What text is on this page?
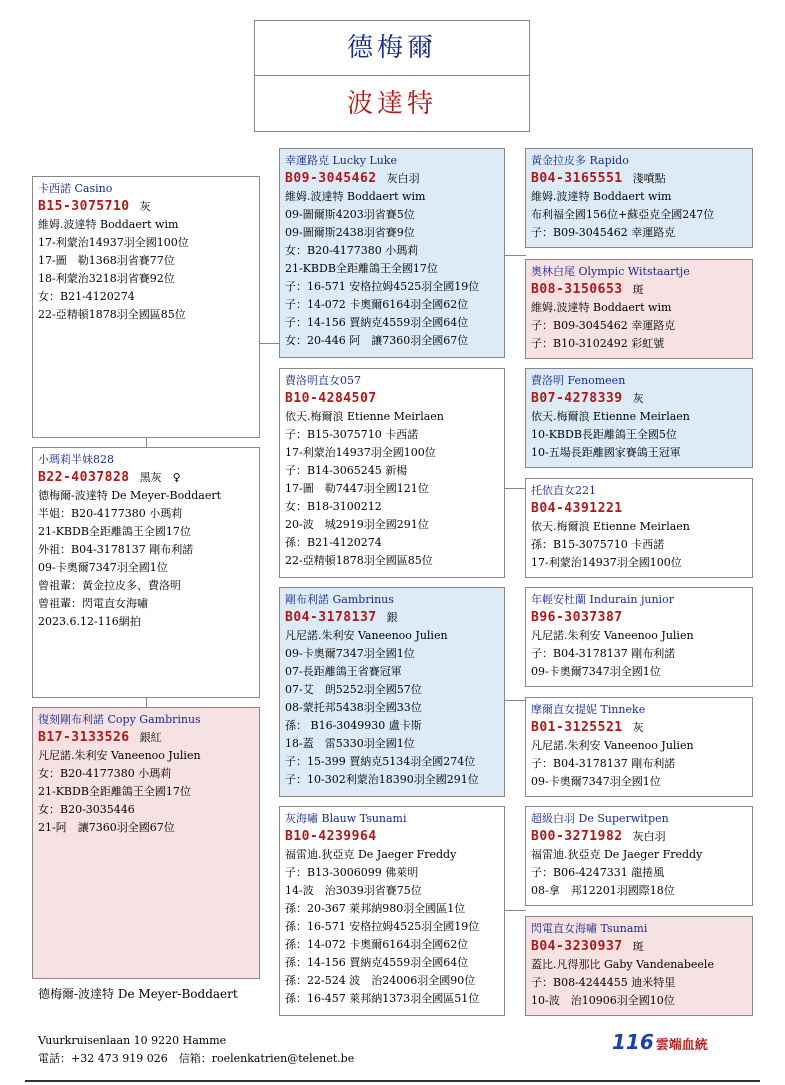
德梅爾
波達特
卡西諾 Casino
B15-3075710 灰
維姆.波達特 Boddaert wim
17-利蒙治14937羽全國100位
17-圖　勒1368羽省賽77位
18-利蒙治3218羽省賽92位
女：B21-4120274
22-亞精頓1878羽全國區85位
小瑪莉半妹828
B22-4037828 黑灰　♀
德梅爾-波達特 De Meyer-Boddaert
半姐：B20-4177380 小瑪莉
21-KBDB全距離鴿王全國17位
外祖：B04-3178137 剛布利諾
09-卡奧爾7347羽全國1位
曾祖輩：黃金拉皮多、費洛明
曾祖輩：閃電直女海嘯
2023.6.12-116網拍
復刻剛布利諾 Copy Gambrinus
B17-3133526 銀紅
凡尼諾.朱利安 Vaneenoo Julien
女：B20-4177380 小瑪莉
21-KBDB全距離鴿王全國17位
女：B20-3035446
21-阿　讓7360羽全國67位
幸運路克 Lucky Luke
B09-3045462 灰白羽
維姆.波達特 Boddaert wim
09-圖爾斯4203羽省賽5位
09-圖爾斯2438羽省賽9位
女：B20-4177380 小瑪莉
21-KBDB全距離鴿王全國17位
子：16-571 安格拉姆4525羽全國19位
子：14-072 卡奧爾6164羽全國62位
子：14-156 賈納克4559羽全國64位
女：20-446 阿　讓7360羽全國67位
費洛明直女057
B10-4284507
依天.梅爾浪 Etienne Meirlaen
子：B15-3075710 卡西諾
17-利蒙治14937羽全國100位
子：B14-3065245 新楊
17-圖　勒7447羽全國121位
女：B18-3100212
20-波　城2919羽全國291位
孫：B21-4120274
22-亞精頓1878羽全國區85位
剛布利諾 Gambrinus
B04-3178137 銀
凡尼諾.朱利安 Vaneenoo Julien
09-卡奧爾7347羽全國1位
07-長距離鴿王省賽冠軍
07-艾　朗5252羽全國57位
08-蒙托邦5438羽全國33位
孫： B16-3049930 盧卡斯
18-蓋　雷5330羽全國1位
子：15-399 賈納克5134羽全國274位
子：10-302利蒙治18390羽全國291位
灰海嘯 Blauw Tsunami
B10-4239964
福雷迪.狄亞克 De Jaeger Freddy
子：B13-3006099 佛萊明
14-波　治3039羽省賽75位
孫：20-367 萊邦納980羽全國區1位
孫：16-571 安格拉姆4525羽全國19位
孫：14-072 卡奧爾6164羽全國62位
孫：14-156 賈納克4559羽全國64位
孫：22-524 波　治24006羽全國90位
孫：16-457 萊邦納1373羽全國區51位
黃金拉皮多 Rapido
B04-3165551 淺噴點
維姆.波達特 Boddaert wim
布利福全國156位+蘇亞克全國247位
子：B09-3045462 幸運路克
奧林白尾 Olympic Witstaartje
B08-3150653 斑
維姆.波達特 Boddaert wim
子：B09-3045462 幸運路克
子：B10-3102492 彩虹號
費洛明 Fenomeen
B07-4278339 灰
依天.梅爾浪 Etienne Meirlaen
10-KBDB長距離鴿王全國5位
10-五場長距離國家賽鴿王冠軍
托依直女221
B04-4391221
依天.梅爾浪 Etienne Meirlaen
孫：B15-3075710 卡西諾
17-利蒙治14937羽全國100位
年輕安杜蘭 Indurain junior
B96-3037387
凡尼諾.朱利安 Vaneenoo Julien
子：B04-3178137 剛布利諾
09-卡奧爾7347羽全國1位
摩爾直女提妮 Tinneke
B01-3125521 灰
凡尼諾.朱利安 Vaneenoo Julien
子：B04-3178137 剛布利諾
09-卡奧爾7347羽全國1位
超級白羽 De Superwitpen
B00-3271982 灰白羽
福雷迪.狄亞克 De Jaeger Freddy
子：B06-4247331 龍捲風
08-拿　邦12201羽國際18位
閃電直女海嘯 Tsunami
B04-3230937 斑
蓋比.凡得那比 Gaby Vandenabeele
子：B08-4244455 迪米特里
10-波　治10906羽全國10位
德梅爾-波達特 De Meyer-Boddaert
Vuurkruisenlaan 10 9220 Hamme
電話：+32 473 919 026　信箱：roelenkatrien@telenet.be
116 雲端血統
